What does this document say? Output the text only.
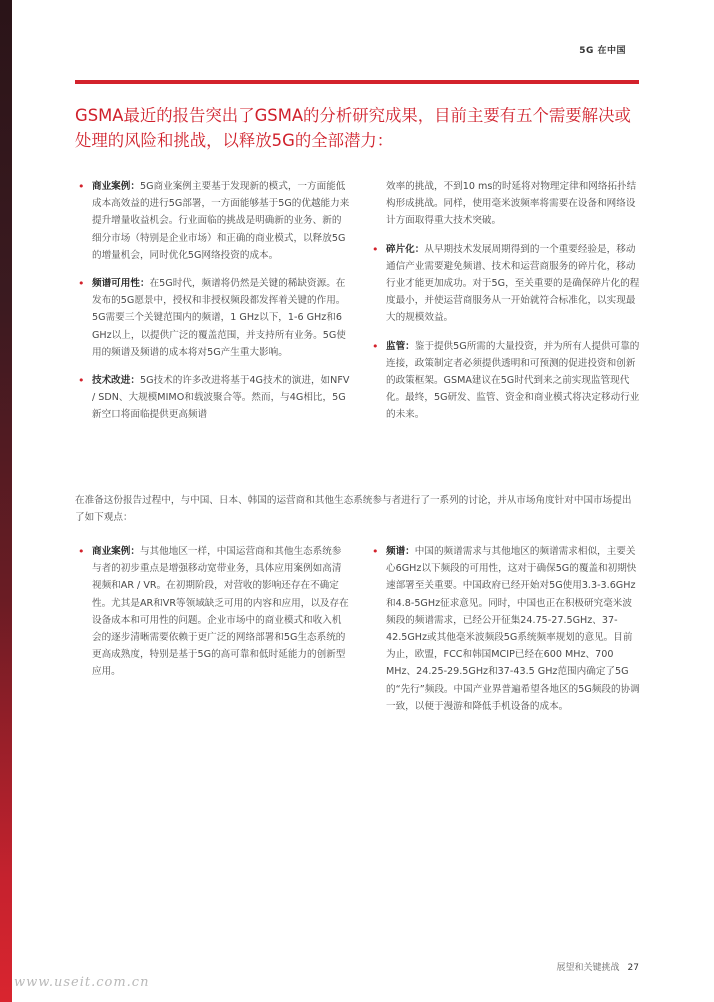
5G 在中国
GSMA最近的报告突出了GSMA的分析研究成果，目前主要有五个需要解决或处理的风险和挑战，以释放5G的全部潜力：
• 商业案例：5G商业案例主要基于发现新的模式，一方面能低成本高效益的进行5G部署，一方面能够基于5G的优越能力来提升增量收益机会。行业面临的挑战是明确新的业务、新的细分市场（特别是企业市场）和正确的商业模式，以释放5G的增量机会，同时优化5G网络投资的成本。
• 频谱可用性：在5G时代，频谱将仍然是关键的稀缺资源。在发布的5G愿景中，授权和非授权频段都发挥着关键的作用。5G需要三个关键范围内的频谱，1 GHz以下，1-6 GHz和6 GHz以上，以提供广泛的覆盖范围，并支持所有业务。5G使用的频谱及频谱的成本将对5G产生重大影响。
• 技术改进：5G技术的许多改进将基于4G技术的演进，如NFV / SDN、大规模MIMO和载波聚合等。然而，与4G相比，5G新空口将面临提供更高频谱

效率的挑战，不到10 ms的时延将对物理定律和网络拓扑结构形成挑战。同样，使用毫米波频率将需要在设备和网络设计方面取得重大技术突破。

• 碎片化：从早期技术发展周期得到的一个重要经验是，移动通信产业需要避免频谱、技术和运营商服务的碎片化，移动行业才能更加成功。对于5G，至关重要的是确保碎片化的程度最小，并使运营商服务从一开始就符合标准化，以实现最大的规模效益。
• 监管：鉴于提供5G所需的大量投资，并为所有人提供可靠的连接，政策制定者必须提供透明和可预测的促进投资和创新的政策框架。GSMA建议在5G时代到来之前实现监管现代化。最终，5G研发、监管、资金和商业模式将决定移动行业的未来。

在准备这份报告过程中，与中国、日本、韩国的运营商和其他生态系统参与者进行了一系列的讨论，并从市场角度针对中国市场提出了如下观点：

• 商业案例：与其他地区一样，中国运营商和其他生态系统参与者的初步重点是增强移动宽带业务，具体应用案例如高清视频和AR / VR。在初期阶段，对营收的影响还存在不确定性。尤其是AR和VR等领域缺乏可用的内容和应用，以及存在设备成本和可用性的问题。企业市场中的商业模式和收入机会的逐步清晰需要依赖于更广泛的网络部署和5G生态系统的更高成熟度，特别是基于5G的高可靠和低时延能力的创新型应用。
• 频谱：中国的频谱需求与其他地区的频谱需求相似，主要关心6GHz以下频段的可用性，这对于确保5G的覆盖和初期快速部署至关重要。中国政府已经开始对5G使用3.3-3.6GHz和4.8-5GHz征求意见。同时，中国也正在积极研究毫米波频段的频谱需求，已经公开征集24.75-27.5GHz、37-42.5GHz或其他毫米波频段5G系统频率规划的意见。目前为止，欧盟，FCC和韩国MCIP已经在600 MHz、700 MHz、24.25-29.5GHz和37-43.5 GHz范围内确定了5G的“先行”频段。中国产业界普遍希望各地区的5G频段的协调一致，以便于漫游和降低手机设备的成本。
展望和关键挑战 27
www.useit.com.cn
